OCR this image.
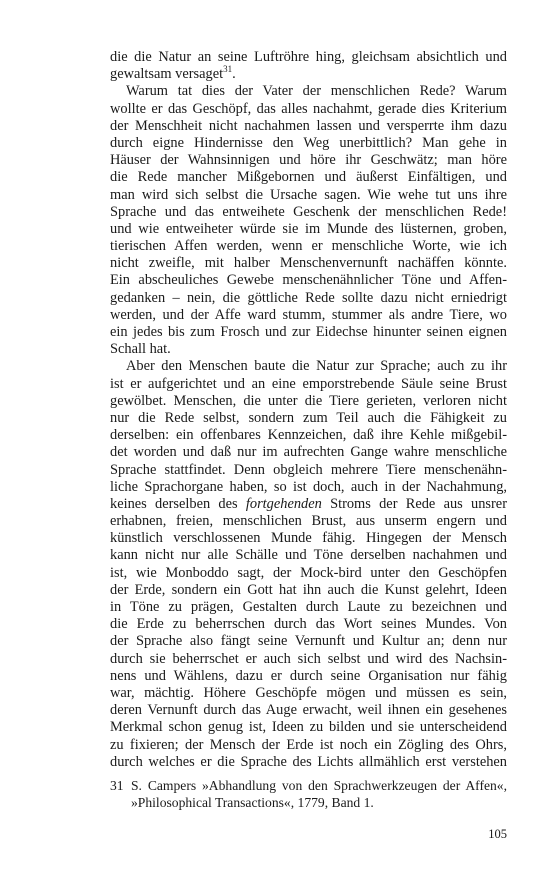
die die Natur an seine Luftröhre hing, gleichsam absichtlich und
gewaltsam versaget$^{31}$.
Warum tat dies der Vater der menschlichen Rede? Warum
wollte er das Geschöpf, das alles nachahmt, gerade dies Kriterium
der Menschheit nicht nachahmen lassen und versperrte ihm dazu
durch eigne Hindernisse den Weg unerbittlich? Man gehe in
Häuser der Wahnsinnigen und höre ihr Geschwätz; man höre
die Rede mancher Mißgebornen und äußerst Einfältigen, und
man wird sich selbst die Ursache sagen. Wie wehe tut uns ihre
Sprache und das entweihete Geschenk der menschlichen Rede!
und wie entweiheter würde sie im Munde des lüsternen, groben,
tierischen Affen werden, wenn er menschliche Worte, wie ich
nicht zweifle, mit halber Menschenvernunft nachäffen könnte.
Ein abscheuliches Gewebe menschenähnlicher Töne und Affen-
gedanken – nein, die göttliche Rede sollte dazu nicht erniedrigt
werden, und der Affe ward stumm, stummer als andre Tiere, wo
ein jedes bis zum Frosch und zur Eidechse hinunter seinen eignen
Schall hat.
Aber den Menschen baute die Natur zur Sprache; auch zu ihr
ist er aufgerichtet und an eine emporstrebende Säule seine Brust
gewölbet. Menschen, die unter die Tiere gerieten, verloren nicht
nur die Rede selbst, sondern zum Teil auch die Fähigkeit zu
derselben: ein offenbares Kennzeichen, daß ihre Kehle mißgebil-
det worden und daß nur im aufrechten Gange wahre menschliche
Sprache stattfindet. Denn obgleich mehrere Tiere menschenähn-
liche Sprachorgane haben, so ist doch, auch in der Nachahmung,
keines derselben des fortgehenden Stroms der Rede aus unsrer
erhabnen, freien, menschlichen Brust, aus unserm engern und
künstlich verschlossenen Munde fähig. Hingegen der Mensch
kann nicht nur alle Schälle und Töne derselben nachahmen und
ist, wie Monboddo sagt, der Mock-bird unter den Geschöpfen
der Erde, sondern ein Gott hat ihn auch die Kunst gelehrt, Ideen
in Töne zu prägen, Gestalten durch Laute zu bezeichnen und
die Erde zu beherrschen durch das Wort seines Mundes. Von
der Sprache also fängt seine Vernunft und Kultur an; denn nur
durch sie beherrschet er auch sich selbst und wird des Nachsin-
nens und Wählens, dazu er durch seine Organisation nur fähig
war, mächtig. Höhere Geschöpfe mögen und müssen es sein,
deren Vernunft durch das Auge erwacht, weil ihnen ein gesehenes
Merkmal schon genug ist, Ideen zu bilden und sie unterscheidend
zu fixieren; der Mensch der Erde ist noch ein Zögling des Ohrs,
durch welches er die Sprache des Lichts allmählich erst verstehen
31 S. Campers »Abhandlung von den Sprachwerkzeugen der Affen«,
»Philosophical Transactions«, 1779, Band 1.
105
